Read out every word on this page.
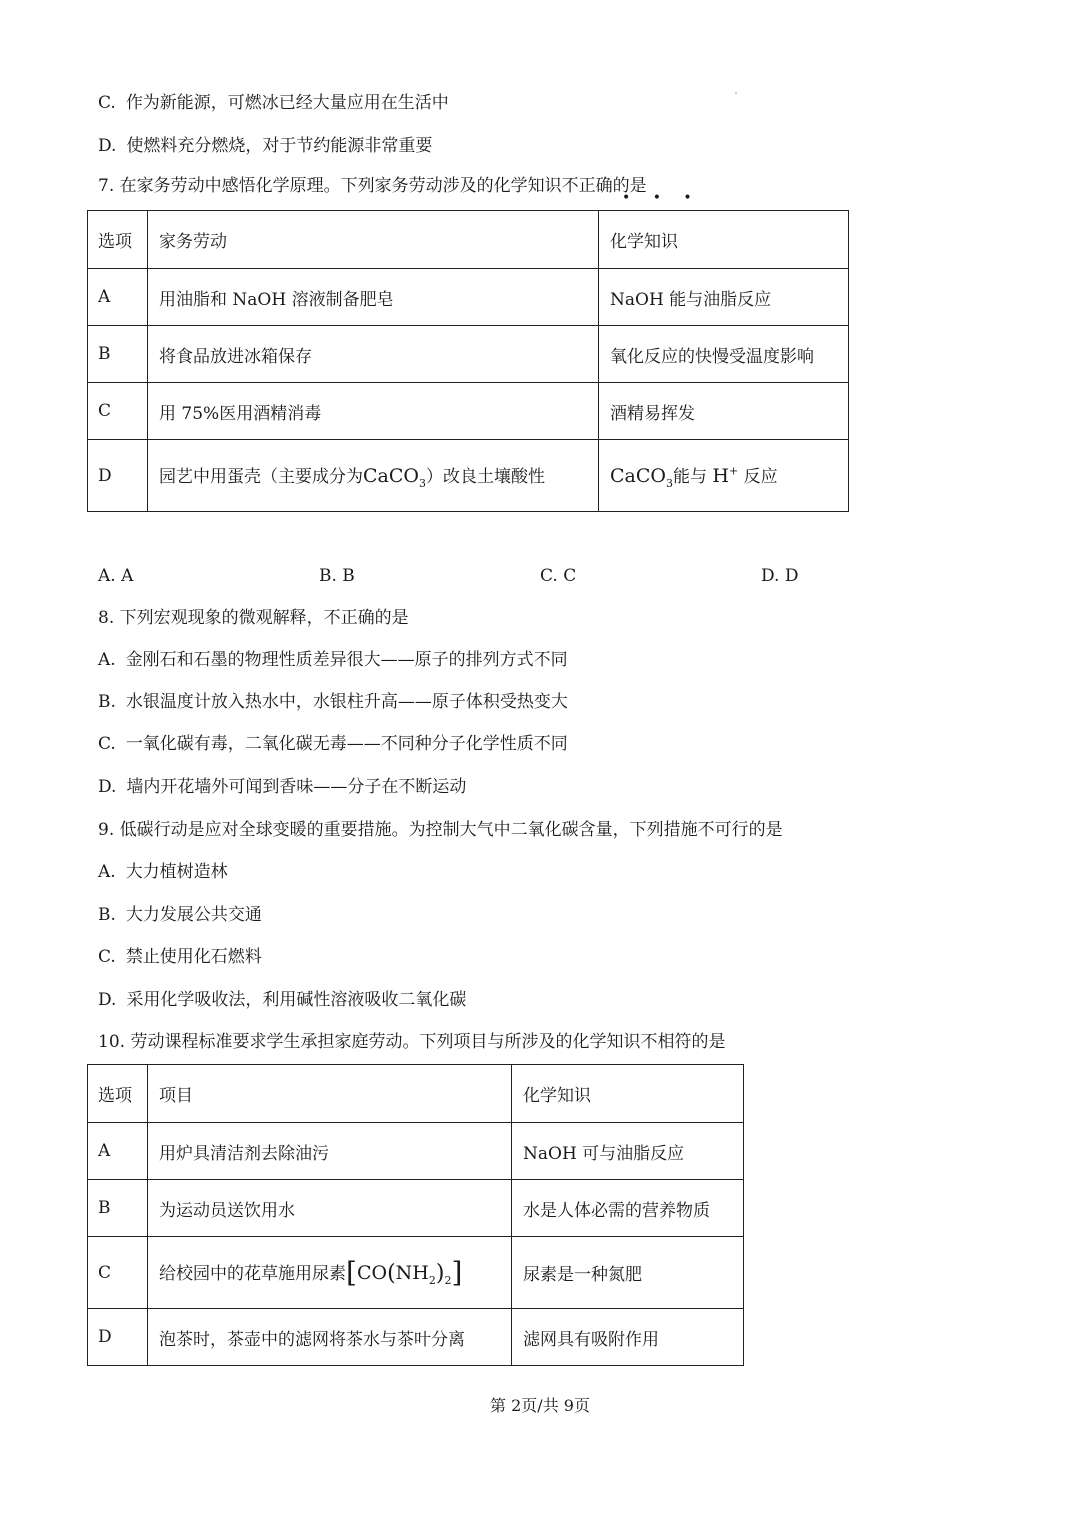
C. 作为新能源，可燃冰已经大量应用在生活中
D. 使燃料充分燃烧，对于节约能源非常重要
7. 在家务劳动中感悟化学原理。下列家务劳动涉及的化学知识不正确的是
• • •
选项	家务劳动	化学知识
A	用油脂和 NaOH 溶液制备肥皂	NaOH 能与油脂反应
B	将食品放进冰箱保存	氧化反应的快慢受温度影响
C	用 75%医用酒精消毒	酒精易挥发
D	园艺中用蛋壳（主要成分为CaCO$_3$）改良土壤酸性	CaCO$_3$能与 H+ 反应
A. A	B. B	C. C	D. D
8. 下列宏观现象的微观解释，不正确的是
A. 金刚石和石墨的物理性质差异很大——原子的排列方式不同
B. 水银温度计放入热水中，水银柱升高——原子体积受热变大
C. 一氧化碳有毒，二氧化碳无毒——不同种分子化学性质不同
D. 墙内开花墙外可闻到香味——分子在不断运动
9. 低碳行动是应对全球变暖的重要措施。为控制大气中二氧化碳含量，下列措施不可行的是
A. 大力植树造林
B. 大力发展公共交通
C. 禁止使用化石燃料
D. 采用化学吸收法，利用碱性溶液吸收二氧化碳
10. 劳动课程标准要求学生承担家庭劳动。下列项目与所涉及的化学知识不相符的是
选项	项目	化学知识
A	用炉具清洁剂去除油污	NaOH 可与油脂反应
B	为运动员送饮用水	水是人体必需的营养物质
C	给校园中的花草施用尿素$[CO(NH_2)_2]$	尿素是一种氮肥
D	泡茶时，茶壶中的滤网将茶水与茶叶分离	滤网具有吸附作用
第 2页/共 9页
